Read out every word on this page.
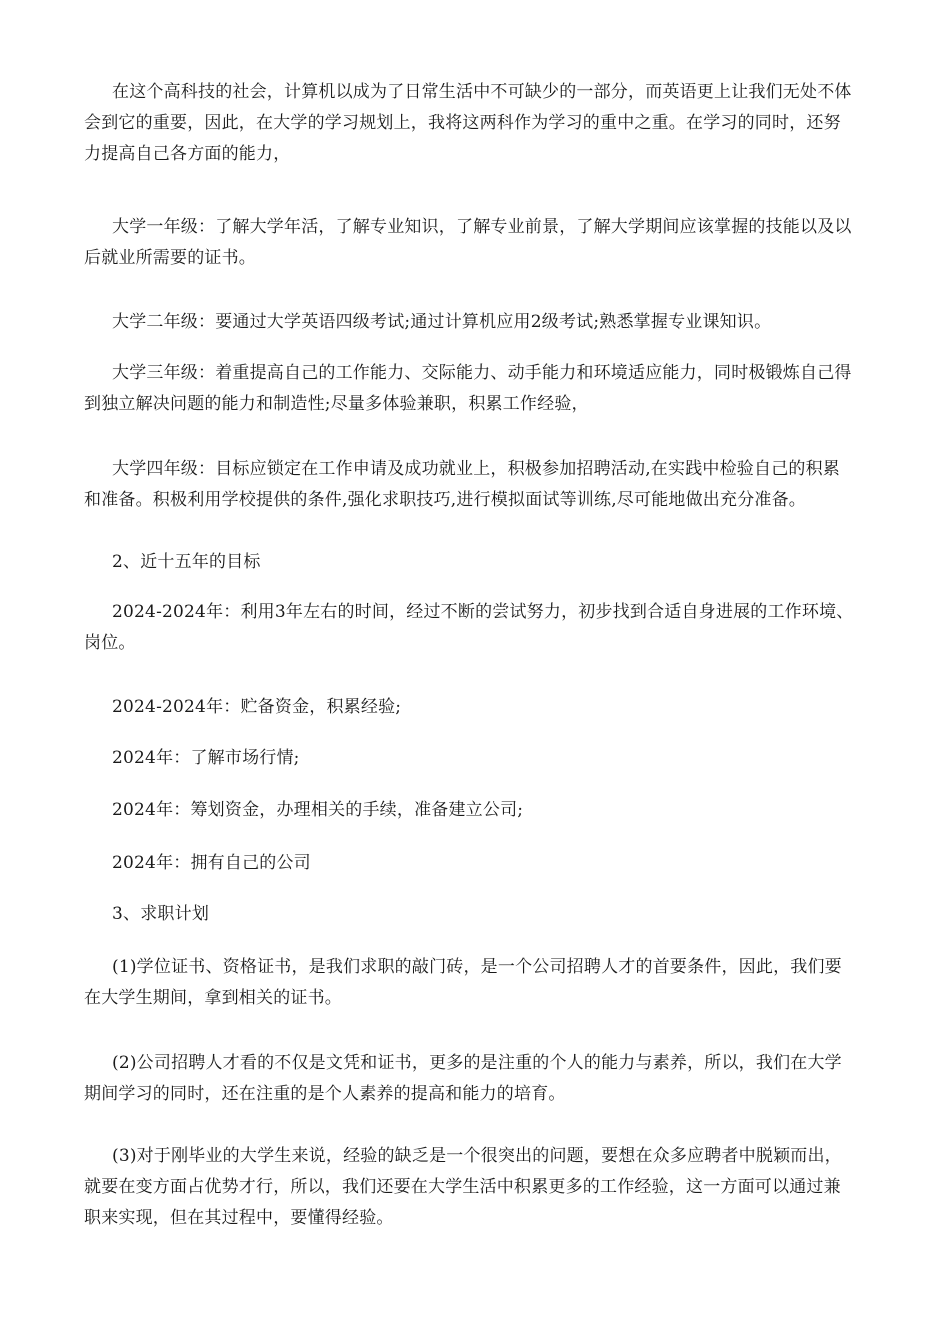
在这个高科技的社会，计算机以成为了日常生活中不可缺少的一部分，而英语更上让我们无处不体会到它的重要，因此，在大学的学习规划上，我将这两科作为学习的重中之重。在学习的同时，还努力提高自己各方面的能力，

大学一年级：了解大学年活，了解专业知识，了解专业前景，了解大学期间应该掌握的技能以及以后就业所需要的证书。

大学二年级：要通过大学英语四级考试;通过计算机应用2级考试;熟悉掌握专业课知识。

大学三年级：着重提高自己的工作能力、交际能力、动手能力和环境适应能力，同时极锻炼自己得到独立解决问题的能力和制造性;尽量多体验兼职，积累工作经验，

大学四年级：目标应锁定在工作申请及成功就业上，积极参加招聘活动,在实践中检验自己的积累和准备。积极利用学校提供的条件,强化求职技巧,进行模拟面试等训练,尽可能地做出充分准备。

2、近十五年的目标

2024-2024年：利用3年左右的时间，经过不断的尝试努力，初步找到合适自身进展的工作环境、岗位。

2024-2024年：贮备资金，积累经验;

2024年：了解市场行情;

2024年：筹划资金，办理相关的手续，准备建立公司;

2024年：拥有自己的公司

3、求职计划

(1)学位证书、资格证书，是我们求职的敲门砖，是一个公司招聘人才的首要条件，因此，我们要在大学生期间，拿到相关的证书。

(2)公司招聘人才看的不仅是文凭和证书，更多的是注重的个人的能力与素养，所以，我们在大学期间学习的同时，还在注重的是个人素养的提高和能力的培育。

(3)对于刚毕业的大学生来说，经验的缺乏是一个很突出的问题，要想在众多应聘者中脱颖而出，就要在变方面占优势才行，所以，我们还要在大学生活中积累更多的工作经验，这一方面可以通过兼职来实现，但在其过程中，要懂得经验。
